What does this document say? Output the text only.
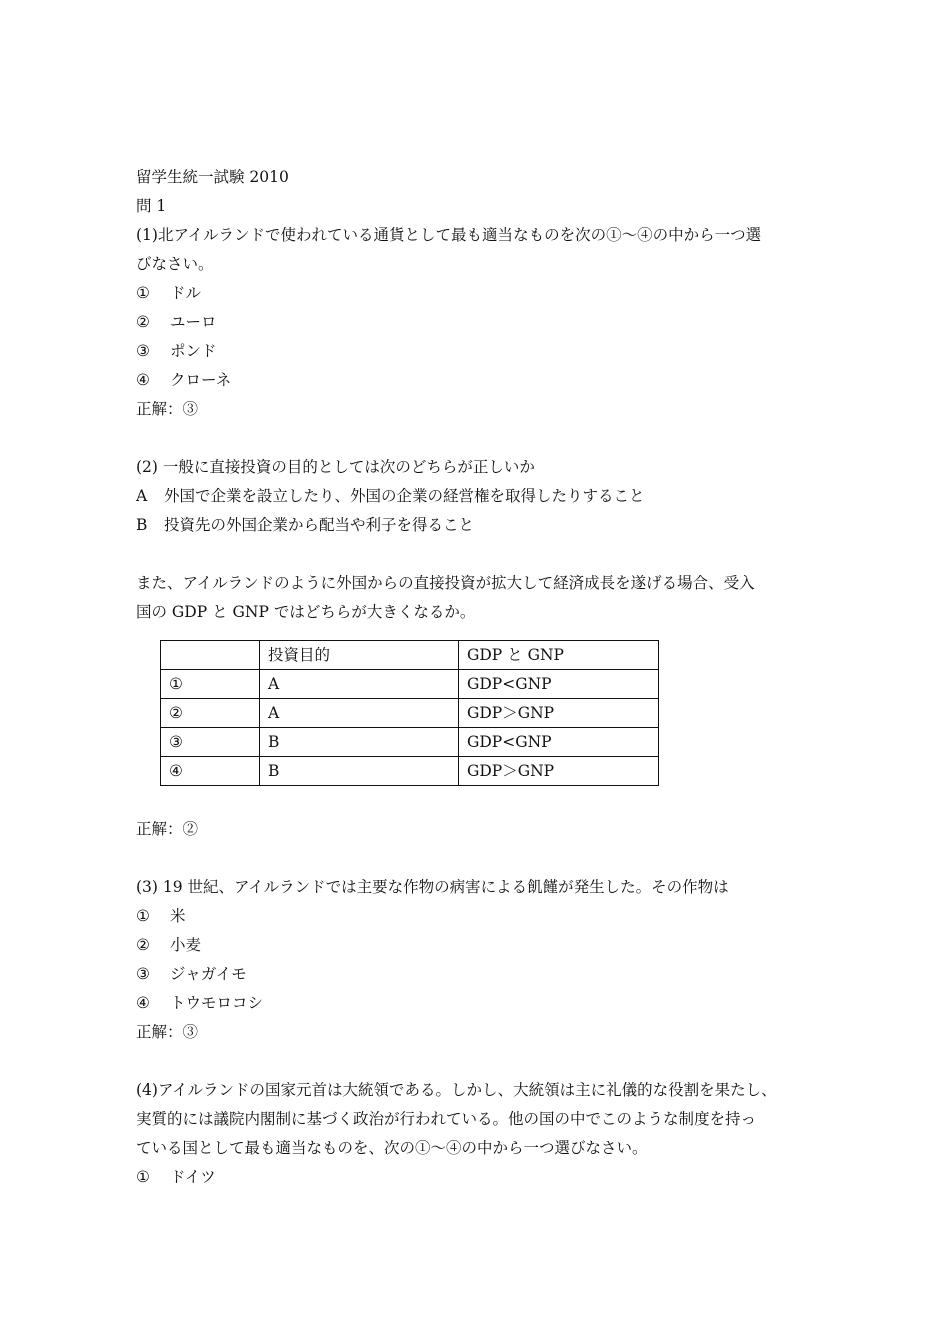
留学生統一試験 2010
問 1
(1)北アイルランドで使われている通貨として最も適当なものを次の①～④の中から一つ選
びなさい。
①	ドル
②	ユーロ
③	ポンド
④	クローネ
正解：③
(2) 一般に直接投資の目的としては次のどちらが正しいか
A	外国で企業を設立したり、外国の企業の経営権を取得したりすること
B	投資先の外国企業から配当や利子を得ること
また、アイルランドのように外国からの直接投資が拡大して経済成長を遂げる場合、受入
国の GDP と GNP ではどちらが大きくなるか。
	投資目的	GDP と GNP
①	A	GDP<GNP
②	A	GDP＞GNP
③	B	GDP<GNP
④	B	GDP＞GNP
正解：②
(3) 19 世紀、アイルランドでは主要な作物の病害による飢饉が発生した。その作物は
①	米
②	小麦
③	ジャガイモ
④	トウモロコシ
正解：③
(4)アイルランドの国家元首は大統領である。しかし、大統領は主に礼儀的な役割を果たし、
実質的には議院内閣制に基づく政治が行われている。他の国の中でこのような制度を持っ
ている国として最も適当なものを、次の①～④の中から一つ選びなさい。
①	ドイツ
